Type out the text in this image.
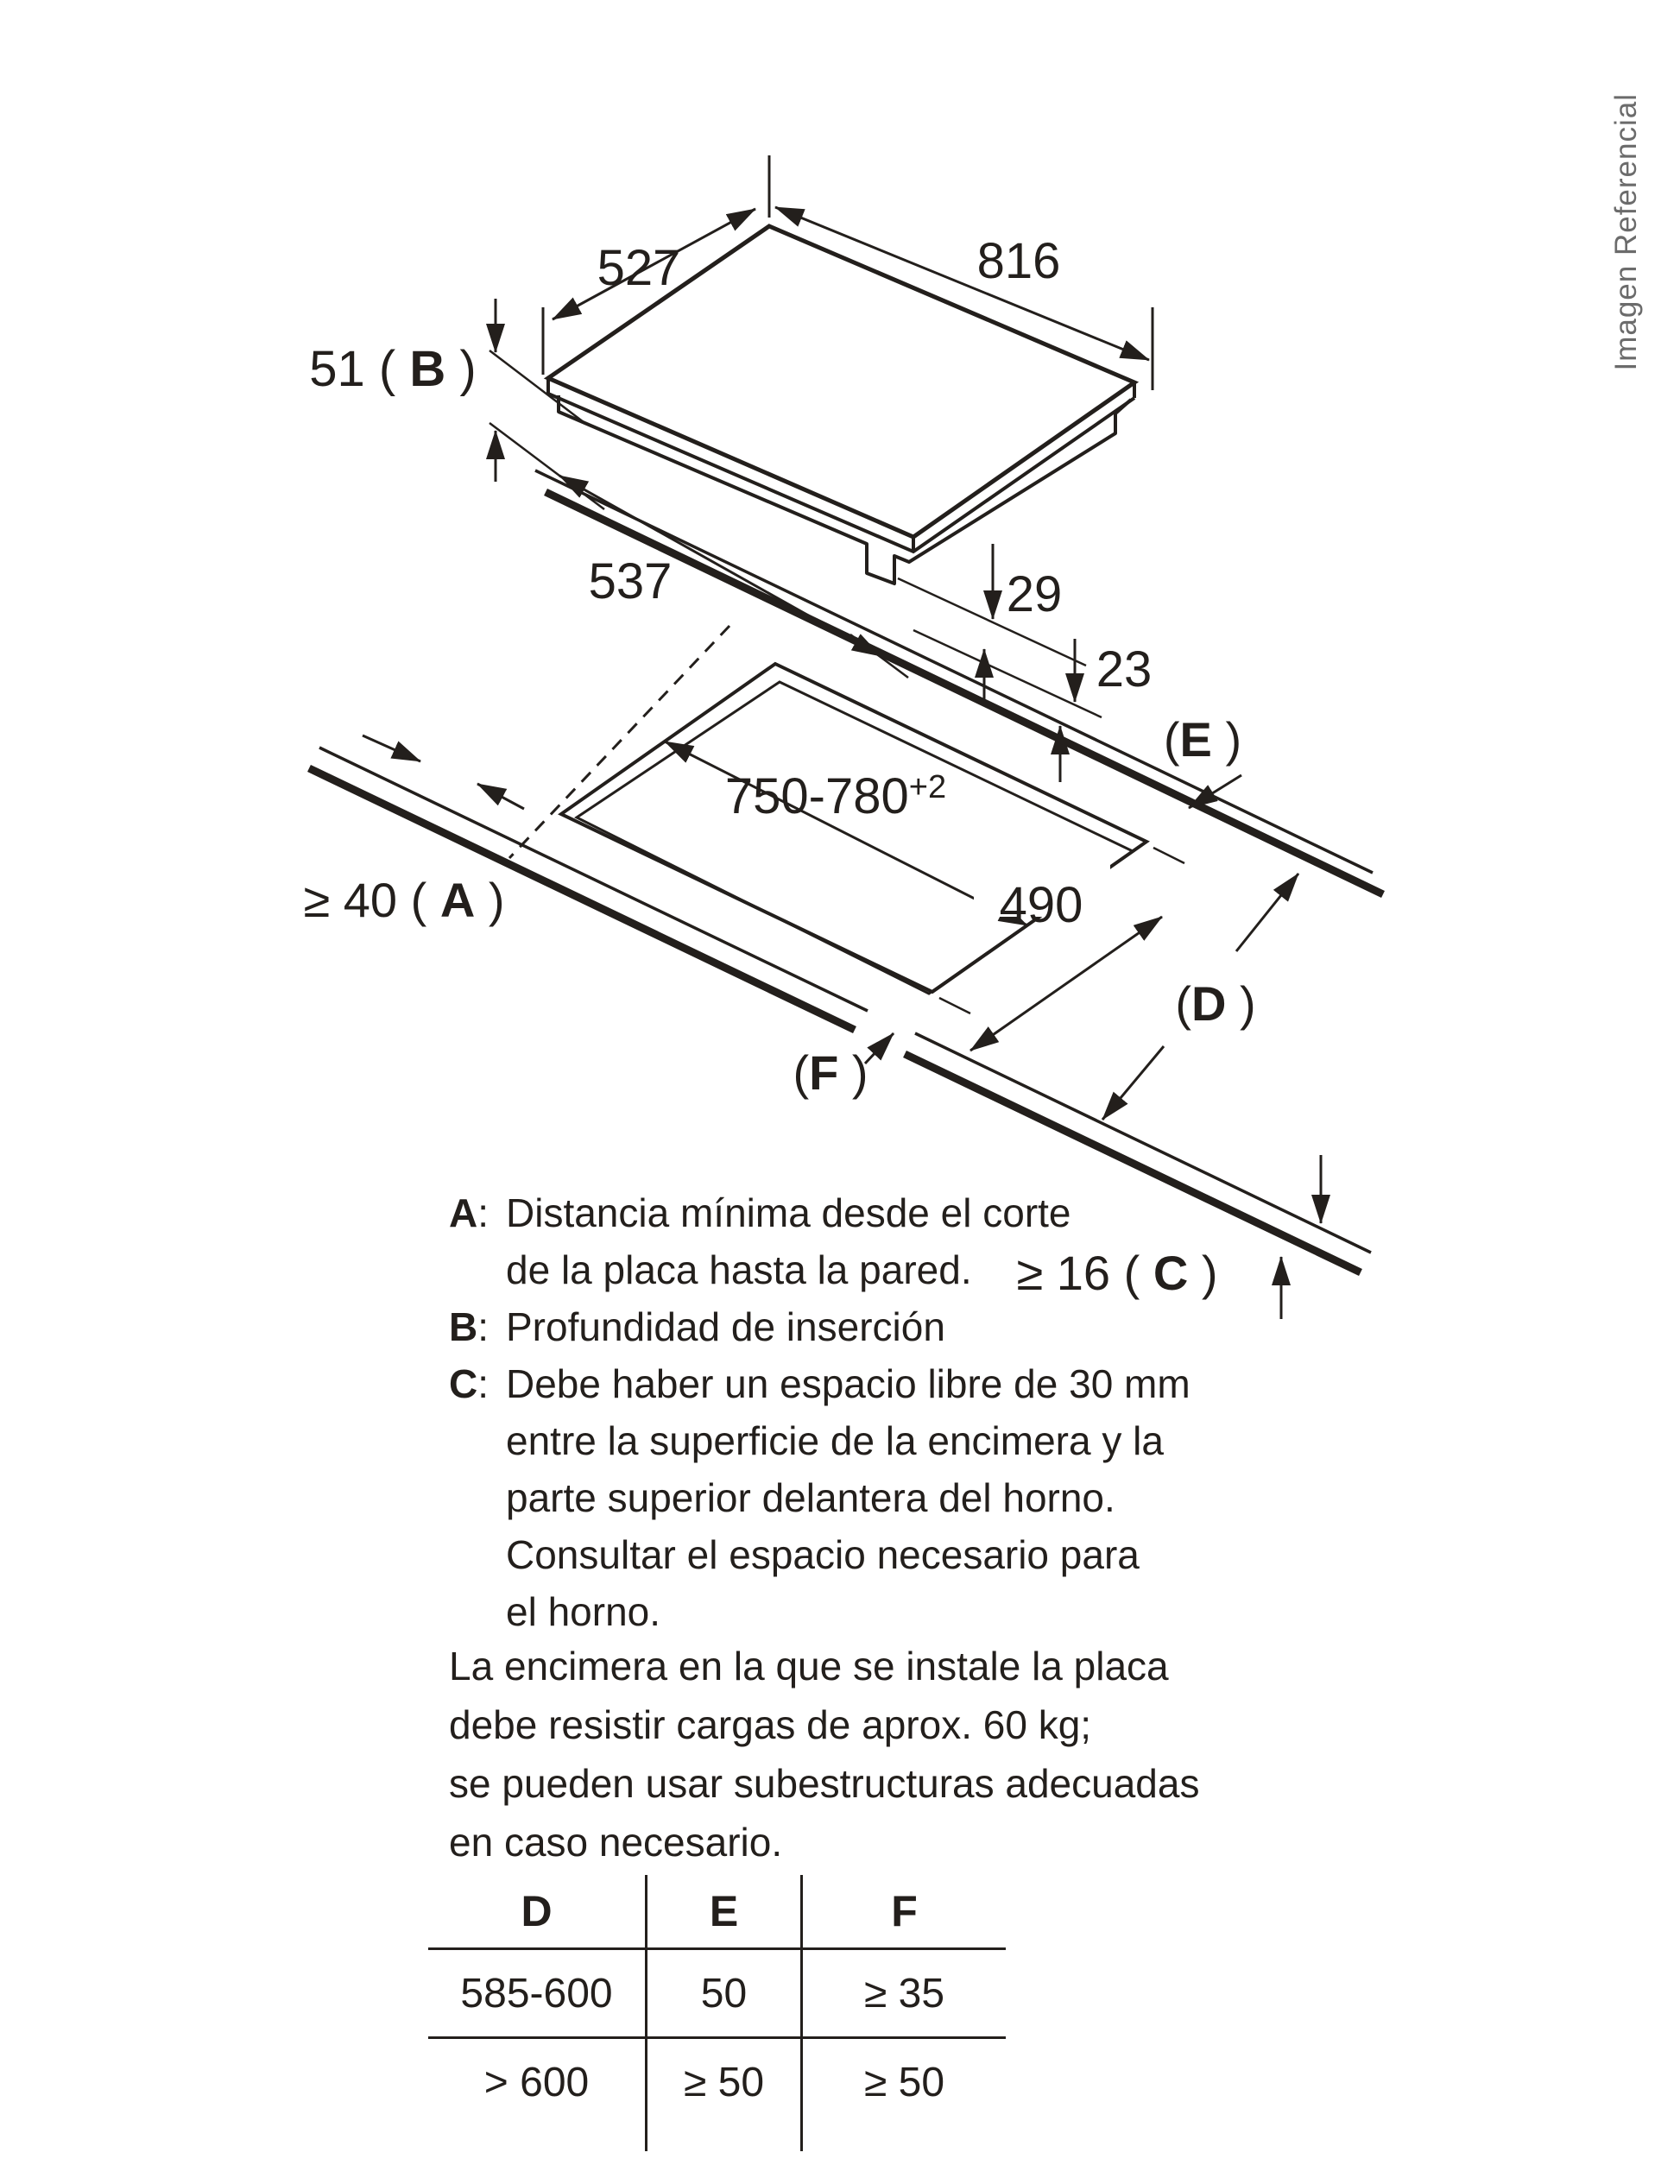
527	816
51 ( B )
537	29
23
$750-780^{+2}$
490
≥ 40 ( A )
(E )
(D )
(F )
≥ 16 ( C )
A: Distancia mínima desde el corte
de la placa hasta la pared.
B: Profundidad de inserción
C: Debe haber un espacio libre de 30 mm
entre la superficie de la encimera y la
parte superior delantera del horno.
Consultar el espacio necesario para
el horno.
La encimera en la que se instale la placa
debe resistir cargas de aprox. 60 kg;
se pueden usar subestructuras adecuadas
en caso necesario.
D	E	F
585-600	50	≥ 35
> 600	≥ 50	≥ 50
Imagen Referencial
